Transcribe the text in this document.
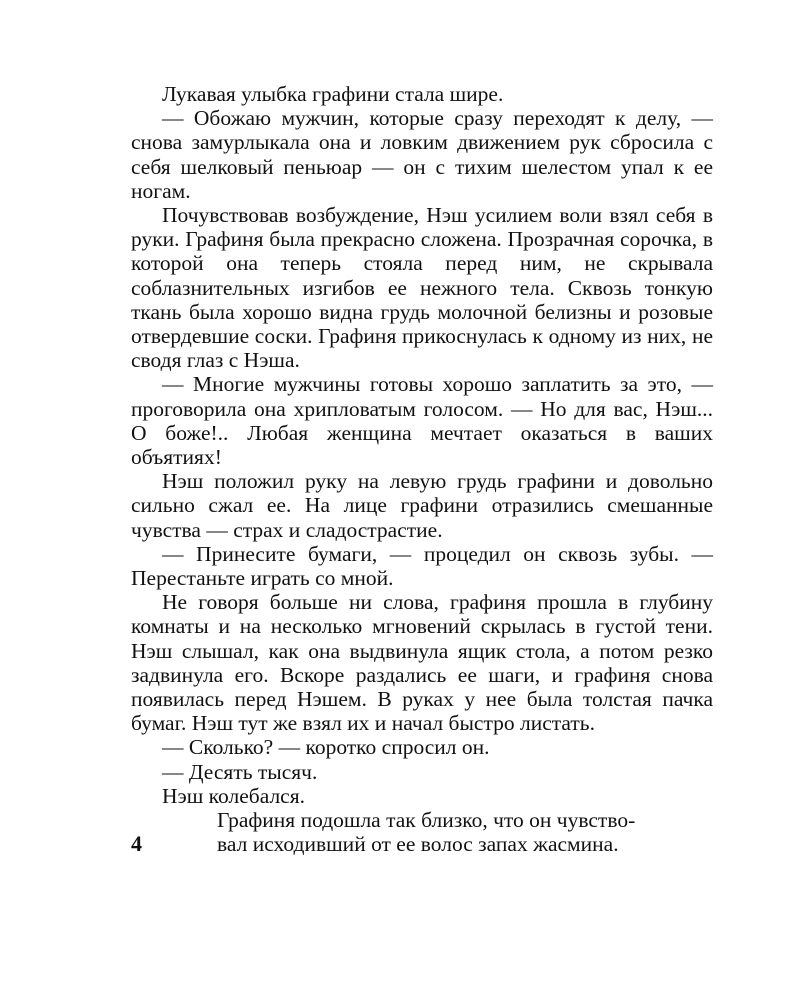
Лукавая улыбка графини стала шире.

— Обожаю мужчин, которые сразу переходят к делу, — снова замурлыкала она и ловким движением рук сбросила с себя шелковый пеньюар — он с тихим шелестом упал к ее ногам.

Почувствовав возбуждение, Нэш усилием воли взял себя в руки. Графиня была прекрасно сложена. Прозрачная сорочка, в которой она теперь стояла перед ним, не скрывала соблазнительных изгибов ее нежного тела. Сквозь тонкую ткань была хорошо видна грудь молочной белизны и розовые отвердевшие соски. Графиня прикоснулась к одному из них, не сводя глаз с Нэша.

— Многие мужчины готовы хорошо заплатить за это, — проговорила она хрипловатым голосом. — Но для вас, Нэш... О боже!.. Любая женщина мечтает оказаться в ваших объятиях!

Нэш положил руку на левую грудь графини и довольно сильно сжал ее. На лице графини отразились смешанные чувства — страх и сладострастие.

— Принесите бумаги, — процедил он сквозь зубы. — Перестаньте играть со мной.

Не говоря больше ни слова, графиня прошла в глубину комнаты и на несколько мгновений скрылась в густой тени. Нэш слышал, как она выдвинула ящик стола, а потом резко задвинула его. Вскоре раздались ее шаги, и графиня снова появилась перед Нэшем. В руках у нее была толстая пачка бумаг. Нэш тут же взял их и начал быстро листать.

— Сколько? — коротко спросил он.

— Десять тысяч.

Нэш колебался.

4

Графиня подошла так близко, что он чувство-
вал исходивший от ее волос запах жасмина.
